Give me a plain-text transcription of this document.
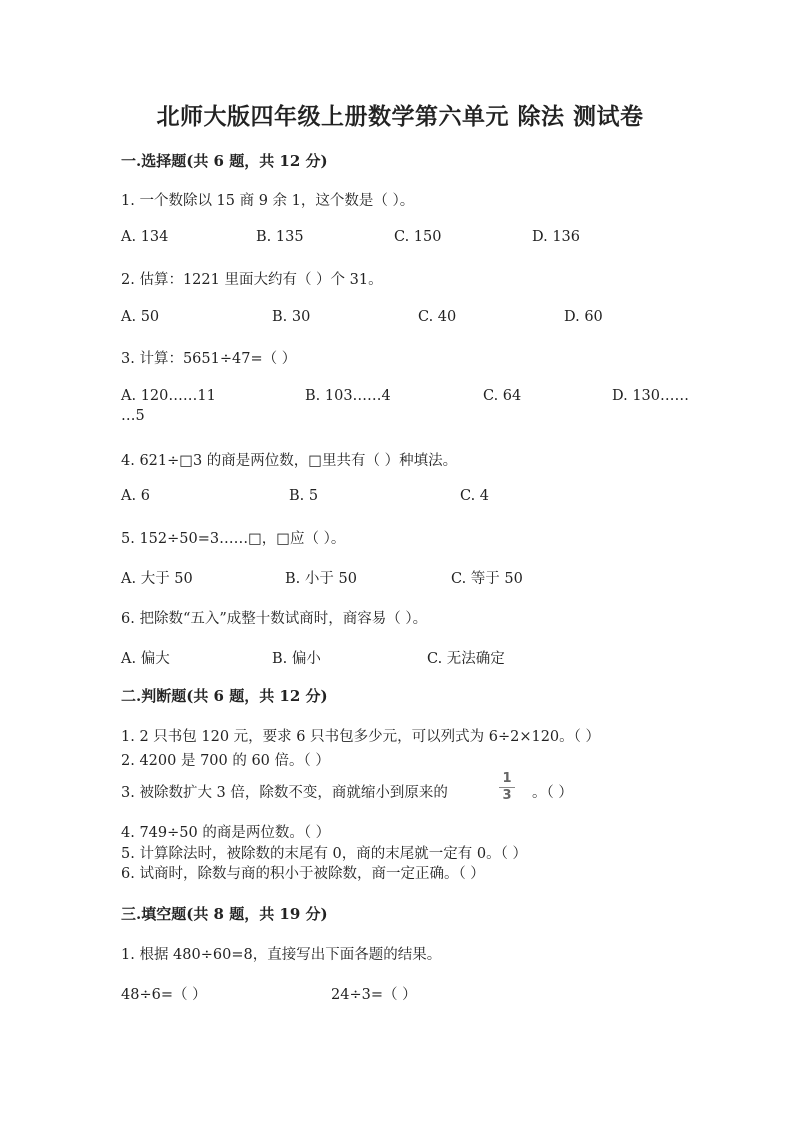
北师大版四年级上册数学第六单元 除法 测试卷
一.选择题(共 6 题，共 12 分)
1. 一个数除以 15 商 9 余 1，这个数是（ ）。
A. 134	B. 135	C. 150	D. 136
2. 估算：1221 里面大约有（ ）个 31。
A. 50	B. 30	C. 40	D. 60
3. 计算：5651÷47=（ ）
A. 120……11	B. 103……4	C. 64	D. 130……
…5
4. 621÷□3 的商是两位数，□里共有（ ）种填法。
A. 6	B. 5	C. 4
5. 152÷50=3……□，□应（ ）。
A. 大于 50	B. 小于 50	C. 等于 50
6. 把除数“五入”成整十数试商时，商容易（ ）。
A. 偏大	B. 偏小	C. 无法确定
二.判断题(共 6 题，共 12 分)
1. 2 只书包 120 元，要求 6 只书包多少元，可以列式为 6÷2×120。（ ）
2. 4200 是 700 的 60 倍。（ ）
3. 被除数扩大 3 倍，除数不变，商就缩小到原来的
1
3	。（ ）
4. 749÷50 的商是两位数。（ ）
5. 计算除法时，被除数的末尾有 0，商的末尾就一定有 0。（ ）
6. 试商时，除数与商的积小于被除数，商一定正确。（ ）
三.填空题(共 8 题，共 19 分)
1. 根据 480÷60=8，直接写出下面各题的结果。
48÷6=（ ）	24÷3=（ ）
